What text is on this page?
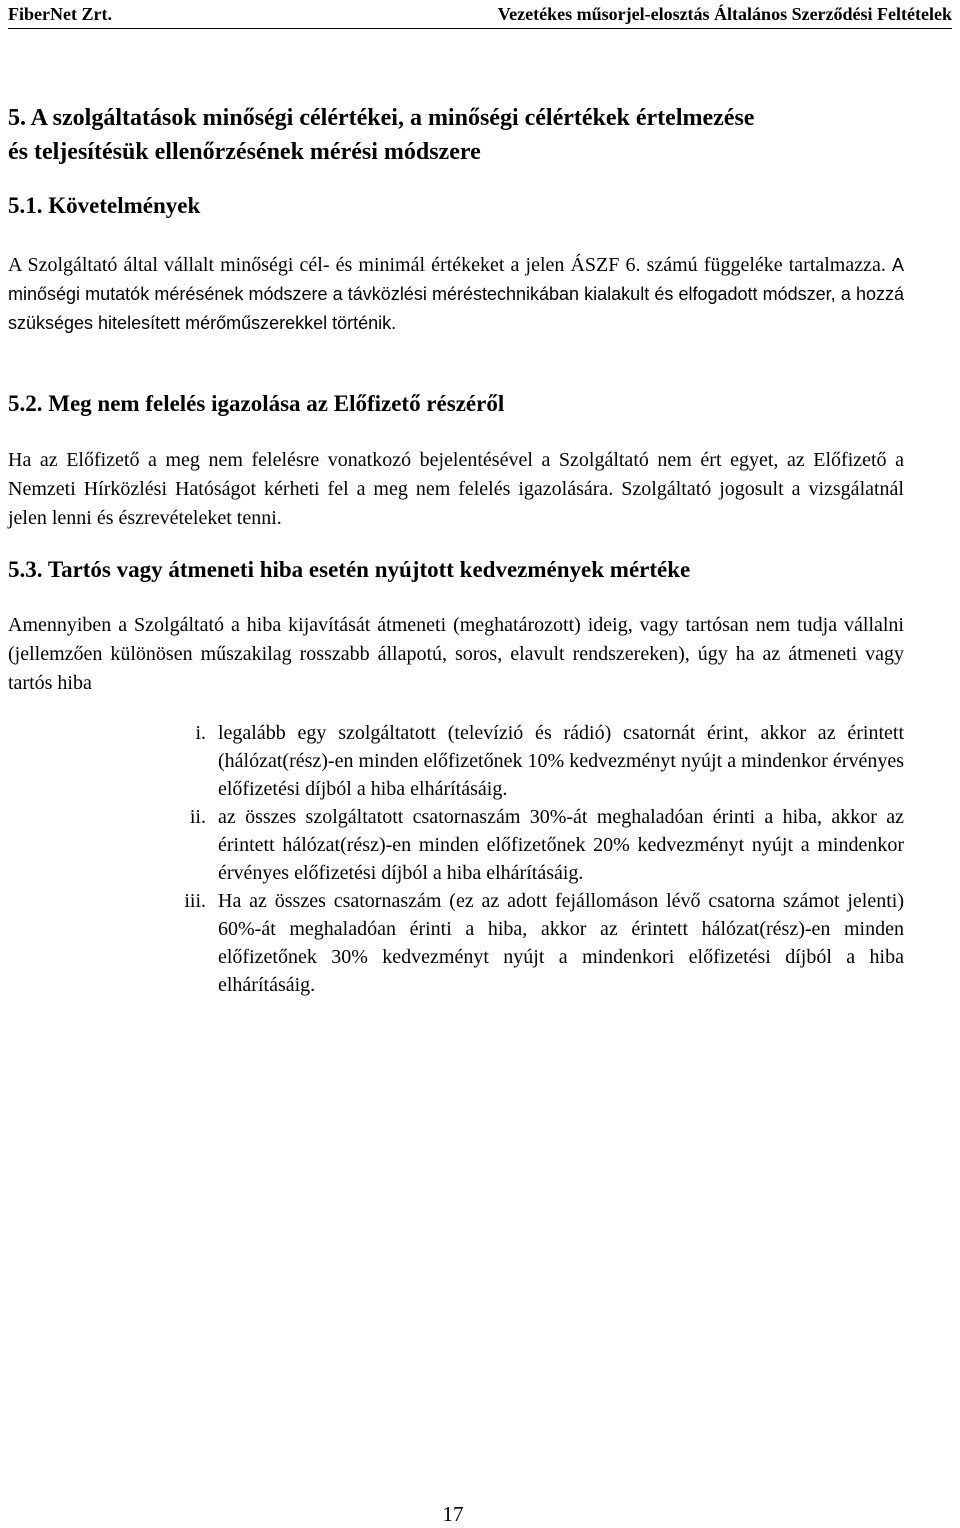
FiberNet Zrt.	Vezetékes műsorjel-elosztás Általános Szerződési Feltételek
5. A szolgáltatások minőségi célértékei, a minőségi célértékek értelmezése
és teljesítésük ellenőrzésének mérési módszere
5.1. Követelmények
A Szolgáltató által vállalt minőségi cél- és minimál értékeket a jelen ÁSZF 6. számú függeléke tartalmazza. A minőségi mutatók mérésének módszere a távközlési méréstechnikában kialakult és elfogadott módszer, a hozzá szükséges hitelesített mérőműszerekkel történik.
5.2. Meg nem felelés igazolása az Előfizető részéről
Ha az Előfizető a meg nem felelésre vonatkozó bejelentésével a Szolgáltató nem ért egyet, az Előfizető a Nemzeti Hírközlési Hatóságot kérheti fel a meg nem felelés igazolására. Szolgáltató jogosult a vizsgálatnál jelen lenni és észrevételeket tenni.
5.3. Tartós vagy átmeneti hiba esetén nyújtott kedvezmények mértéke
Amennyiben a Szolgáltató a hiba kijavítását átmeneti (meghatározott) ideig, vagy tartósan nem tudja vállalni (jellemzően különösen műszakilag rosszabb állapotú, soros, elavult rendszereken), úgy ha az átmeneti vagy tartós hiba
i. legalább egy szolgáltatott (televízió és rádió) csatornát érint, akkor az érintett (hálózat(rész)-en minden előfizetőnek 10% kedvezményt nyújt a mindenkor érvényes előfizetési díjból a hiba elhárításáig.
ii. az összes szolgáltatott csatornaszám 30%-át meghaladóan érinti a hiba, akkor az érintett hálózat(rész)-en minden előfizetőnek 20% kedvezményt nyújt a mindenkor érvényes előfizetési díjból a hiba elhárításáig.
iii. Ha az összes csatornaszám (ez az adott fejállomáson lévő csatorna számot jelenti) 60%-át meghaladóan érinti a hiba, akkor az érintett hálózat(rész)-en minden előfizetőnek 30% kedvezményt nyújt a mindenkori előfizetési díjból a hiba elhárításáig.
17
